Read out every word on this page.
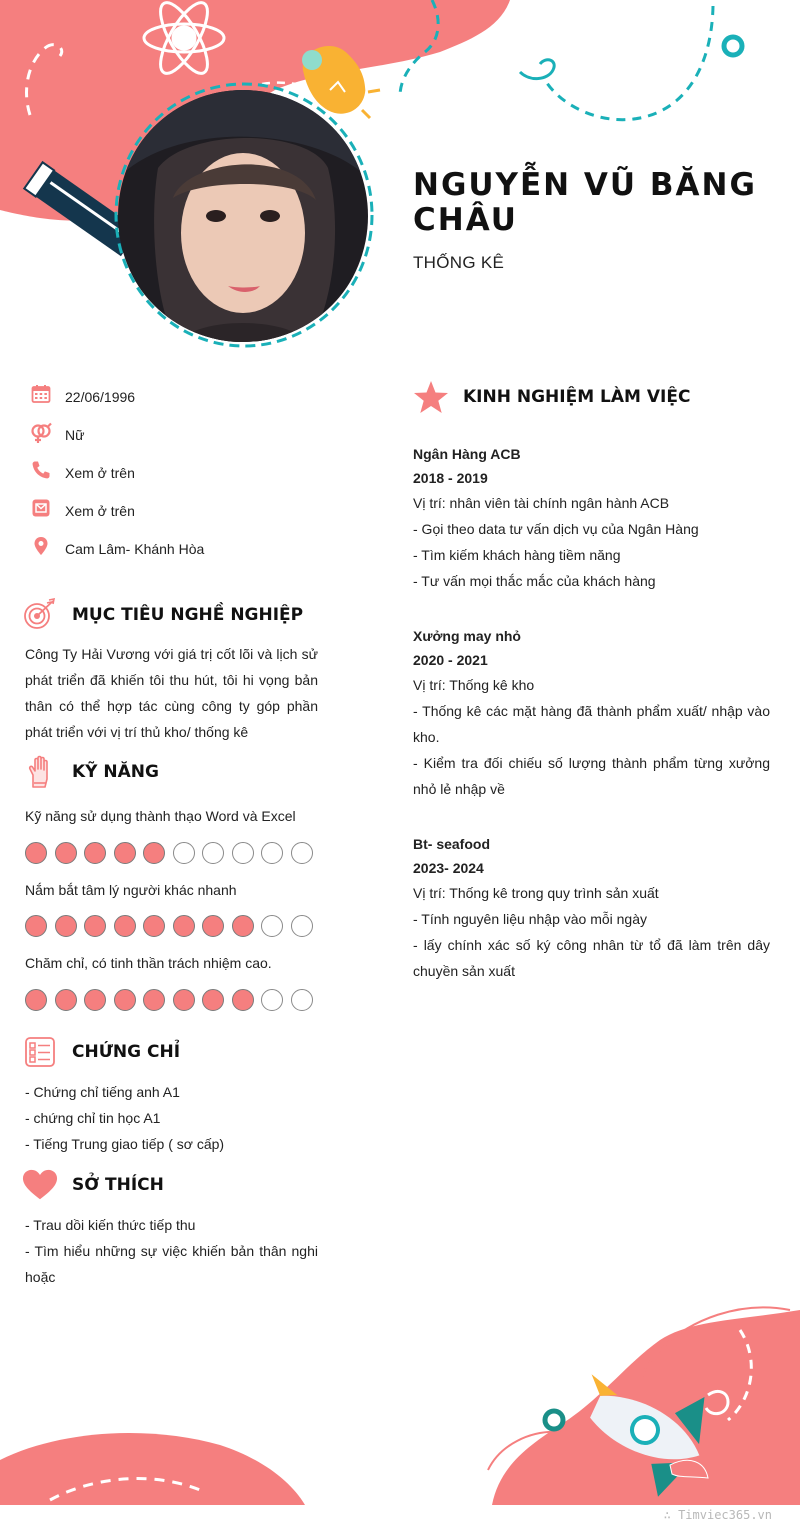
NGUYỄN VŨ BĂNG CHÂU
THỐNG KÊ
22/06/1996
Nữ
Xem ở trên
Xem ở trên
Cam Lâm- Khánh Hòa
MỤC TIÊU NGHỀ NGHIỆP
Công Ty Hải Vương với giá trị cốt lõi và lịch sử phát triển đã khiến tôi thu hút, tôi hi vọng bản thân có thể hợp tác cùng công ty góp phần phát triển với vị trí thủ kho/ thống kê
KỸ NĂNG
Kỹ năng sử dụng thành thạo Word và Excel
Nắm bắt tâm lý người khác nhanh
Chăm chỉ, có tinh thần trách nhiệm cao.
CHỨNG CHỈ
- Chứng chỉ tiếng anh A1
- chứng chỉ tin học A1
- Tiếng Trung giao tiếp ( sơ cấp)
SỞ THÍCH
- Trau dồi kiến thức tiếp thu
- Tìm hiểu những sự việc khiến bản thân nghi hoặc
KINH NGHIỆM LÀM VIỆC
Ngân Hàng ACB
2018 - 2019
Vị trí: nhân viên tài chính ngân hành ACB
- Gọi theo data tư vấn dịch vụ của Ngân Hàng
- Tìm kiếm khách hàng tiềm năng
- Tư vấn mọi thắc mắc của khách hàng
Xưởng may nhỏ
2020 - 2021
Vị trí: Thống kê kho
- Thống kê các mặt hàng đã thành phẩm xuất/ nhập vào kho.
- Kiểm tra đối chiếu số lượng thành phẩm từng xưởng nhỏ lẻ nhập về
Bt- seafood
2023- 2024
Vị trí: Thống kê trong quy trình sản xuất
- Tính nguyên liệu nhập vào mỗi ngày
- lấy chính xác số ký công nhân từ tổ đã làm trên dây chuyền sản xuất
∴ Timviec365.vn
